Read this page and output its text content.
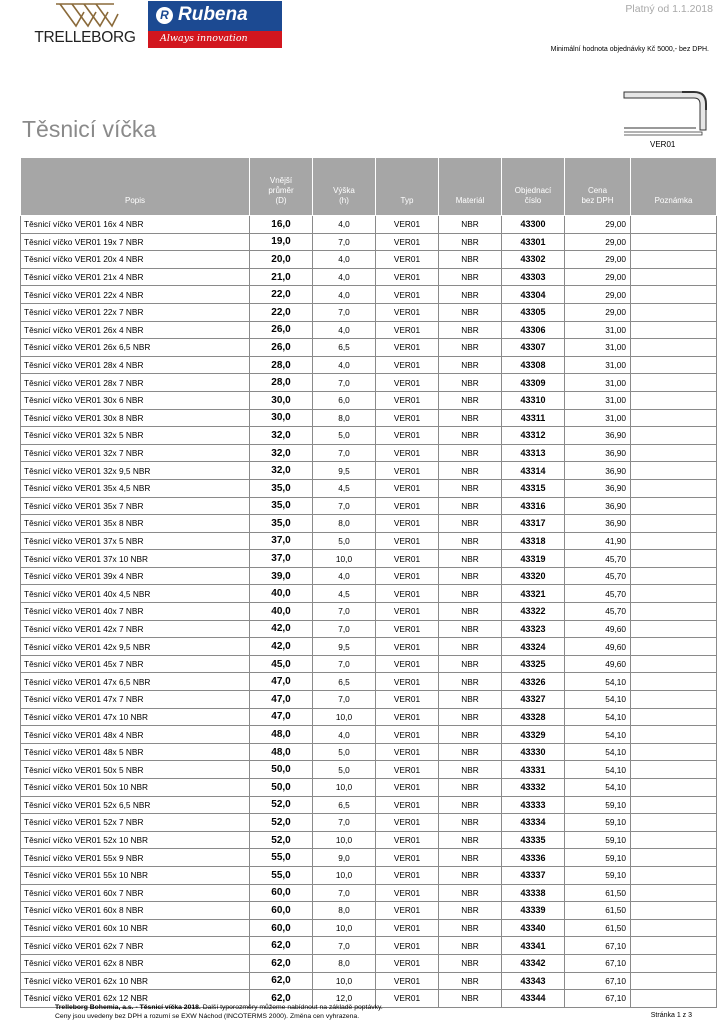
TRELLEBORG
R Rubena
Always innovation
Platný od 1.1.2018
Minimální hodnota objednávky Kč 5000,- bez DPH.
Těsnicí víčka
VER01
Popis	Vnější
průměr
(D)	Výška
(h)	Typ	Materiál	Objednací
číslo	Cena
bez DPH	Poznámka
Těsnicí víčko VER01 16x 4 NBR	16,0	4,0	VER01	NBR	43300	29,00	
Těsnicí víčko VER01 19x 7 NBR	19,0	7,0	VER01	NBR	43301	29,00	
Těsnicí víčko VER01 20x 4 NBR	20,0	4,0	VER01	NBR	43302	29,00	
Těsnicí víčko VER01 21x 4 NBR	21,0	4,0	VER01	NBR	43303	29,00	
Těsnicí víčko VER01 22x 4 NBR	22,0	4,0	VER01	NBR	43304	29,00	
Těsnicí víčko VER01 22x 7 NBR	22,0	7,0	VER01	NBR	43305	29,00	
Těsnicí víčko VER01 26x 4 NBR	26,0	4,0	VER01	NBR	43306	31,00	
Těsnicí víčko VER01 26x 6,5 NBR	26,0	6,5	VER01	NBR	43307	31,00	
Těsnicí víčko VER01 28x 4 NBR	28,0	4,0	VER01	NBR	43308	31,00	
Těsnicí víčko VER01 28x 7 NBR	28,0	7,0	VER01	NBR	43309	31,00	
Těsnicí víčko VER01 30x 6 NBR	30,0	6,0	VER01	NBR	43310	31,00	
Těsnicí víčko VER01 30x 8 NBR	30,0	8,0	VER01	NBR	43311	31,00	
Těsnicí víčko VER01 32x 5 NBR	32,0	5,0	VER01	NBR	43312	36,90	
Těsnicí víčko VER01 32x 7 NBR	32,0	7,0	VER01	NBR	43313	36,90	
Těsnicí víčko VER01 32x 9,5 NBR	32,0	9,5	VER01	NBR	43314	36,90	
Těsnicí víčko VER01 35x 4,5 NBR	35,0	4,5	VER01	NBR	43315	36,90	
Těsnicí víčko VER01 35x 7 NBR	35,0	7,0	VER01	NBR	43316	36,90	
Těsnicí víčko VER01 35x 8 NBR	35,0	8,0	VER01	NBR	43317	36,90	
Těsnicí víčko VER01 37x 5 NBR	37,0	5,0	VER01	NBR	43318	41,90	
Těsnicí víčko VER01 37x 10 NBR	37,0	10,0	VER01	NBR	43319	45,70	
Těsnicí víčko VER01 39x 4 NBR	39,0	4,0	VER01	NBR	43320	45,70	
Těsnicí víčko VER01 40x 4,5 NBR	40,0	4,5	VER01	NBR	43321	45,70	
Těsnicí víčko VER01 40x 7 NBR	40,0	7,0	VER01	NBR	43322	45,70	
Těsnicí víčko VER01 42x 7 NBR	42,0	7,0	VER01	NBR	43323	49,60	
Těsnicí víčko VER01 42x 9,5 NBR	42,0	9,5	VER01	NBR	43324	49,60	
Těsnicí víčko VER01 45x 7 NBR	45,0	7,0	VER01	NBR	43325	49,60	
Těsnicí víčko VER01 47x 6,5 NBR	47,0	6,5	VER01	NBR	43326	54,10	
Těsnicí víčko VER01 47x 7 NBR	47,0	7,0	VER01	NBR	43327	54,10	
Těsnicí víčko VER01 47x 10 NBR	47,0	10,0	VER01	NBR	43328	54,10	
Těsnicí víčko VER01 48x 4 NBR	48,0	4,0	VER01	NBR	43329	54,10	
Těsnicí víčko VER01 48x 5 NBR	48,0	5,0	VER01	NBR	43330	54,10	
Těsnicí víčko VER01 50x 5 NBR	50,0	5,0	VER01	NBR	43331	54,10	
Těsnicí víčko VER01 50x 10 NBR	50,0	10,0	VER01	NBR	43332	54,10	
Těsnicí víčko VER01 52x 6,5 NBR	52,0	6,5	VER01	NBR	43333	59,10	
Těsnicí víčko VER01 52x 7 NBR	52,0	7,0	VER01	NBR	43334	59,10	
Těsnicí víčko VER01 52x 10 NBR	52,0	10,0	VER01	NBR	43335	59,10	
Těsnicí víčko VER01 55x 9 NBR	55,0	9,0	VER01	NBR	43336	59,10	
Těsnicí víčko VER01 55x 10 NBR	55,0	10,0	VER01	NBR	43337	59,10	
Těsnicí víčko VER01 60x 7 NBR	60,0	7,0	VER01	NBR	43338	61,50	
Těsnicí víčko VER01 60x 8 NBR	60,0	8,0	VER01	NBR	43339	61,50	
Těsnicí víčko VER01 60x 10 NBR	60,0	10,0	VER01	NBR	43340	61,50	
Těsnicí víčko VER01 62x 7 NBR	62,0	7,0	VER01	NBR	43341	67,10	
Těsnicí víčko VER01 62x 8 NBR	62,0	8,0	VER01	NBR	43342	67,10	
Těsnicí víčko VER01 62x 10 NBR	62,0	10,0	VER01	NBR	43343	67,10	
Těsnicí víčko VER01 62x 12 NBR	62,0	12,0	VER01	NBR	43344	67,10	
Trelleborg Bohemia, a.s. - Těsnicí víčka 2018. Další typorozměry můžeme nabídnout na základě poptávky.
Ceny jsou uvedeny bez DPH a rozumí se EXW Náchod (INCOTERMS 2000). Změna cen vyhrazena.	Stránka 1 z 3
